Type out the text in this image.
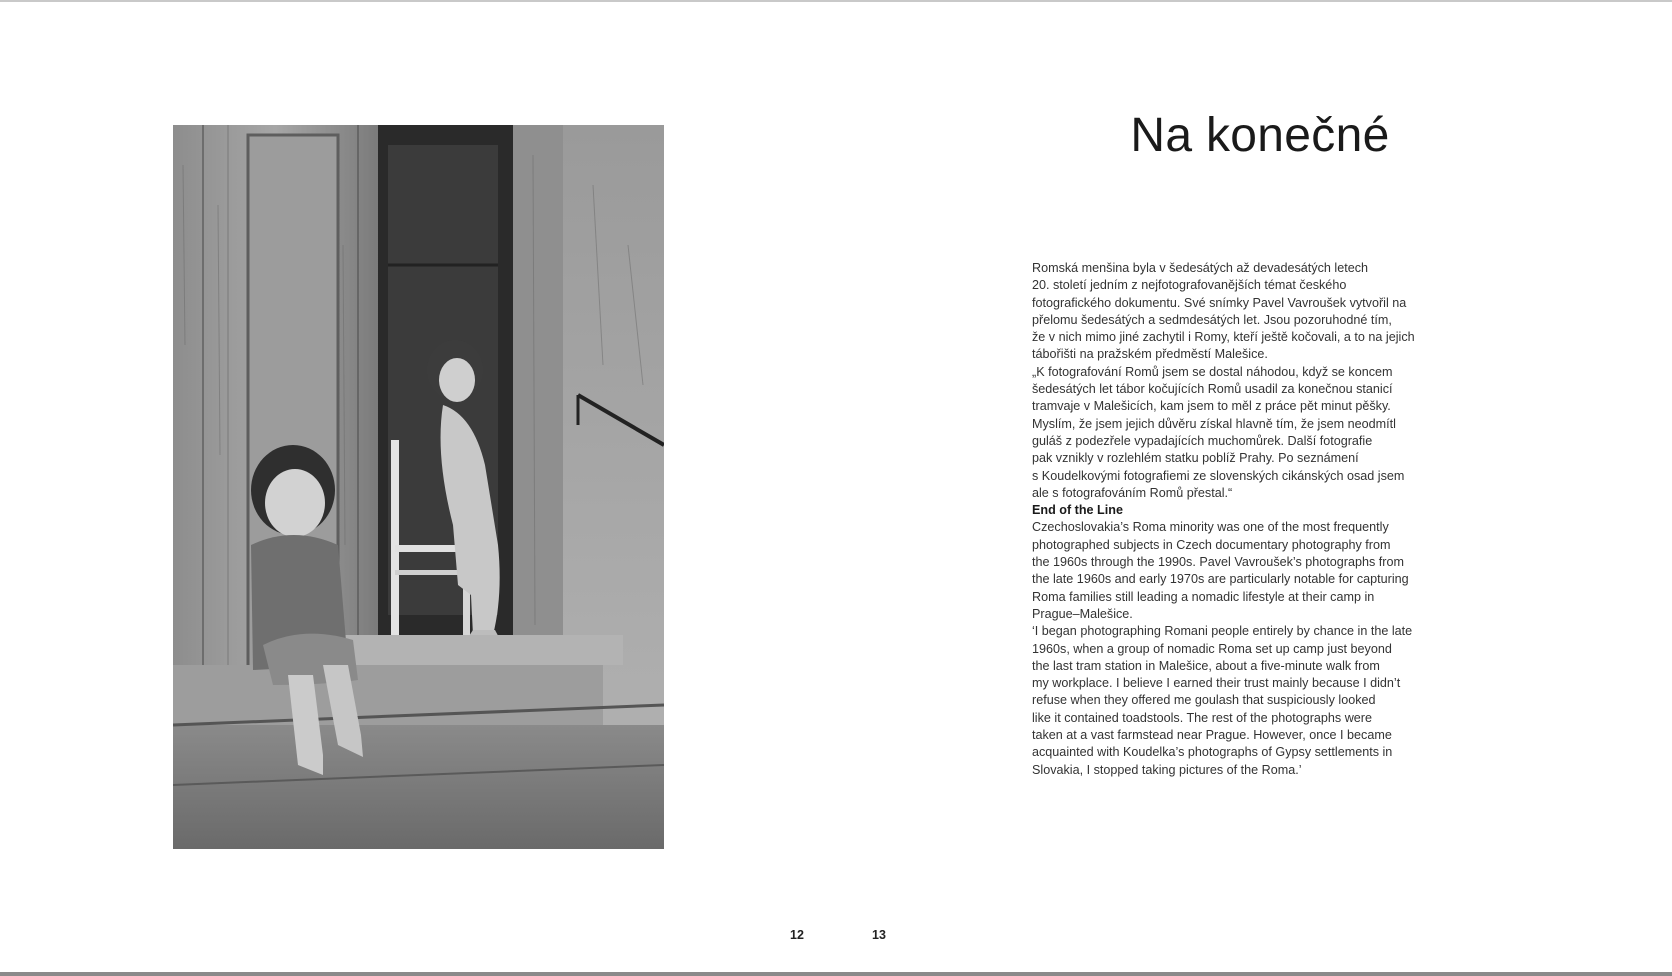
Na konečné

Romská menšina byla v šedesátých až devadesátých letech
20. století jedním z nejfotografovanějších témat českého
fotografického dokumentu. Své snímky Pavel Vavroušek vytvořil na
přelomu šedesátých a sedmdesátých let. Jsou pozoruhodné tím,
že v nich mimo jiné zachytil i Romy, kteří ještě kočovali, a to na jejich
tábořišti na pražském předměstí Malešice.

„K fotografování Romů jsem se dostal náhodou, když se koncem
šedesátých let tábor kočujících Romů usadil za konečnou stanicí
tramvaje v Malešicích, kam jsem to měl z práce pět minut pěšky.
Myslím, že jsem jejich důvěru získal hlavně tím, že jsem neodmítl
guláš z podezřele vypadajících muchomůrek. Další fotografie
pak vznikly v rozlehlém statku poblíž Prahy. Po seznámení
s Koudelkovými fotografiemi ze slovenských cikánských osad jsem
ale s fotografováním Romů přestal.“

End of the Line

Czechoslovakia’s Roma minority was one of the most frequently
photographed subjects in Czech documentary photography from
the 1960s through the 1990s. Pavel Vavroušek’s photographs from
the late 1960s and early 1970s are particularly notable for capturing
Roma families still leading a nomadic lifestyle at their camp in
Prague–Malešice.

‘I began photographing Romani people entirely by chance in the late
1960s, when a group of nomadic Roma set up camp just beyond
the last tram station in Malešice, about a five-minute walk from
my workplace. I believe I earned their trust mainly because I didn’t
refuse when they offered me goulash that suspiciously looked
like it contained toadstools. The rest of the photographs were
taken at a vast farmstead near Prague. However, once I became
acquainted with Koudelka’s photographs of Gypsy settlements in
Slovakia, I stopped taking pictures of the Roma.’

12	13
